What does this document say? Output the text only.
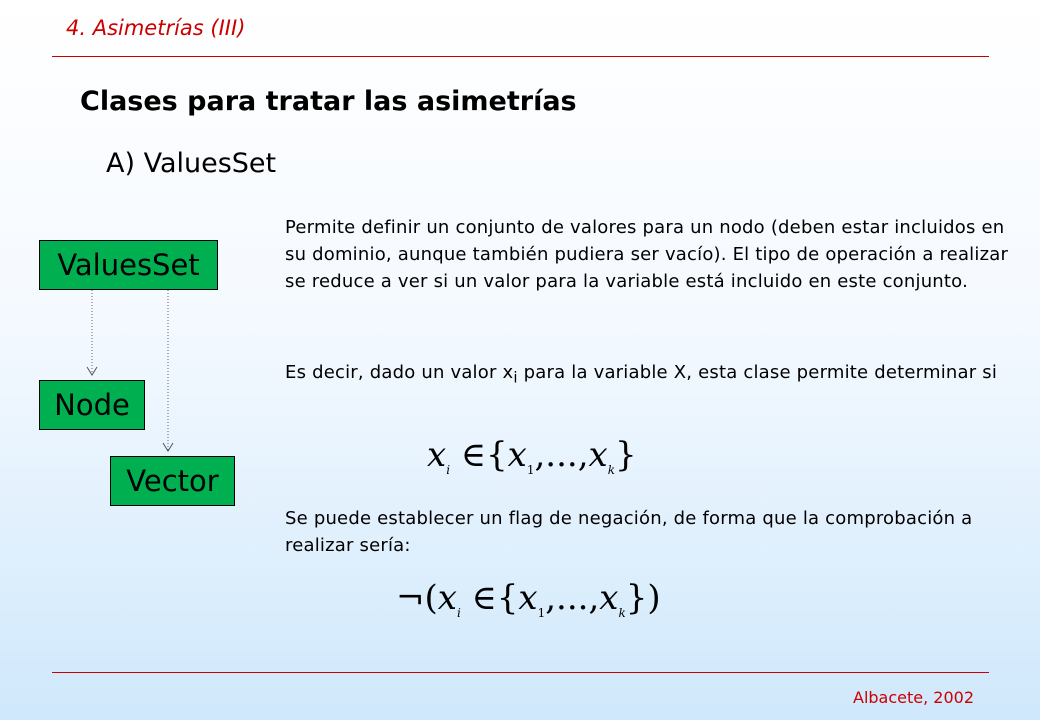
4. Asimetrías (III)
Clases para tratar las asimetrías
A) ValuesSet
ValuesSet
Node
Vector
Permite definir un conjunto de valores para un nodo (deben estar incluidos en su dominio, aunque también pudiera ser vacío). El tipo de operación a realizar se reduce a ver si un valor para la variable está incluido en este conjunto.
Es decir, dado un valor $x_i$ para la variable X, esta clase permite determinar si
$x_i$ $\in\{x_1,...,x_k\}$
Se puede establecer un flag de negación, de forma que la comprobación a realizar sería:
$\neg(x_i$ $\in\{x_1,...,x_k\}$)
Albacete, 2002
